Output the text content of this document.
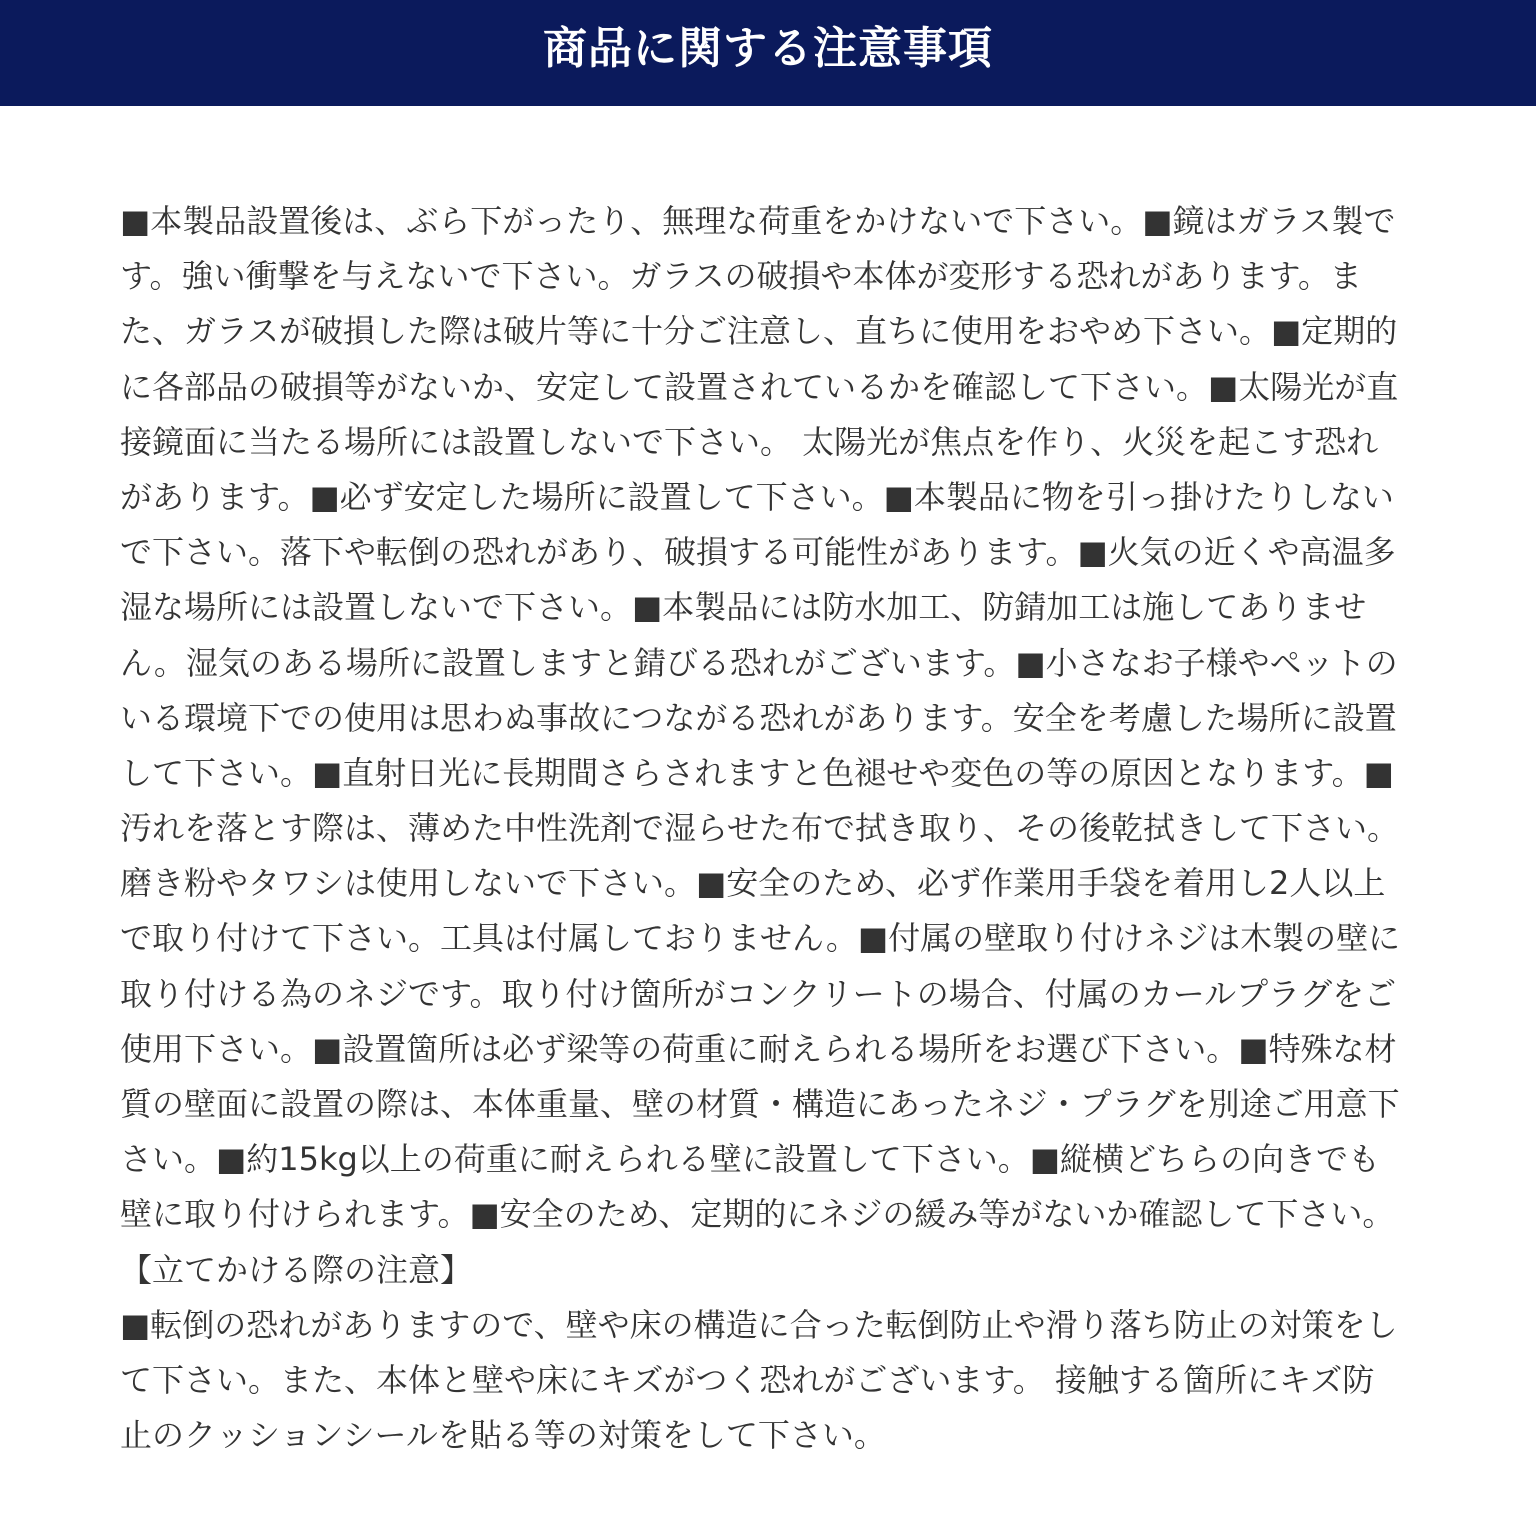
商品に関する注意事項
■本製品設置後は、ぶら下がったり、無理な荷重をかけないで下さい。■鏡はガラス製で
す。強い衝撃を与えないで下さい。ガラスの破損や本体が変形する恐れがあります。ま
た、ガラスが破損した際は破片等に十分ご注意し、直ちに使用をおやめ下さい。■定期的
に各部品の破損等がないか、安定して設置されているかを確認して下さい。■太陽光が直
接鏡面に当たる場所には設置しないで下さい。 太陽光が焦点を作り、火災を起こす恐れ
があります。■必ず安定した場所に設置して下さい。■本製品に物を引っ掛けたりしない
で下さい。落下や転倒の恐れがあり、破損する可能性があります。■火気の近くや高温多
湿な場所には設置しないで下さい。■本製品には防水加工、防錆加工は施してありませ
ん。湿気のある場所に設置しますと錆びる恐れがございます。■小さなお子様やペットの
いる環境下での使用は思わぬ事故につながる恐れがあります。安全を考慮した場所に設置
して下さい。■直射日光に長期間さらされますと色褪せや変色の等の原因となります。■
汚れを落とす際は、薄めた中性洗剤で湿らせた布で拭き取り、その後乾拭きして下さい。
磨き粉やタワシは使用しないで下さい。■安全のため、必ず作業用手袋を着用し2人以上
で取り付けて下さい。工具は付属しておりません。■付属の壁取り付けネジは木製の壁に
取り付ける為のネジです。取り付け箇所がコンクリートの場合、付属のカールプラグをご
使用下さい。■設置箇所は必ず梁等の荷重に耐えられる場所をお選び下さい。■特殊な材
質の壁面に設置の際は、本体重量、壁の材質・構造にあったネジ・プラグを別途ご用意下
さい。■約15kg以上の荷重に耐えられる壁に設置して下さい。■縦横どちらの向きでも
壁に取り付けられます。■安全のため、定期的にネジの緩み等がないか確認して下さい。
【立てかける際の注意】
■転倒の恐れがありますので、壁や床の構造に合った転倒防止や滑り落ち防止の対策をし
て下さい。また、本体と壁や床にキズがつく恐れがございます。 接触する箇所にキズ防
止のクッションシールを貼る等の対策をして下さい。
